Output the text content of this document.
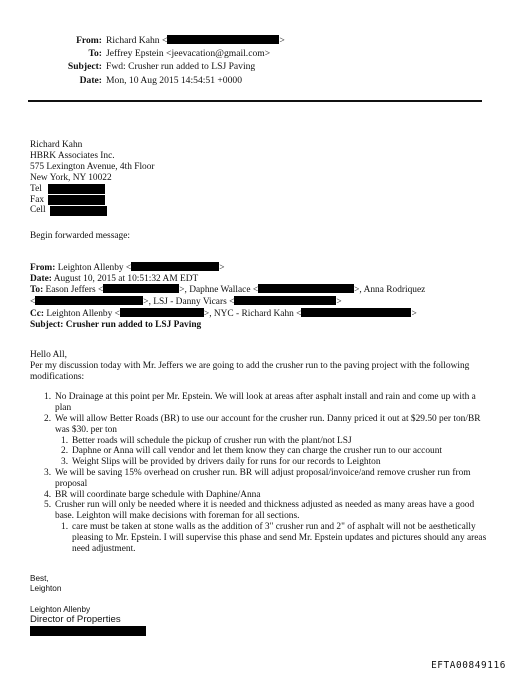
From: Richard Kahn <	>
To: Jeffrey Epstein <jeevacation@gmail.com>
Subject: Fwd: Crusher run added to LSJ Paving
Date: Mon, 10 Aug 2015 14:54:51 +0000
Richard Kahn
HBRK Associates Inc.
575 Lexington Avenue, 4th Floor
New York, NY 10022
Tel
Fax
Cell
Begin forwarded message:
From: Leighton Allenby <	>
Date: August 10, 2015 at 10:51:32 AM EDT
To: Eason Jeffers <	>, Daphne Wallace <	>, Anna Rodriquez
<	>, LSJ - Danny Vicars <	>
Cc: Leighton Allenby <	>, NYC - Richard Kahn <	>
Subject: Crusher run added to LSJ Paving

Hello All,

Per my discussion today with Mr. Jeffers we are going to add the crusher run to the paving project with the following modifications:

1. No Drainage at this point per Mr. Epstein. We will look at areas after asphalt install and rain and come up with a plan
2. We will allow Better Roads (BR) to use our account for the crusher run. Danny priced it out at $29.50 per ton/BR was $30. per ton
1. Better roads will schedule the pickup of crusher run with the plant/not LSJ
2. Daphne or Anna will call vendor and let them know they can charge the crusher run to our account
3. Weight Slips will be provided by drivers daily for runs for our records to Leighton
3. We will be saving 15% overhead on crusher run. BR will adjust proposal/invoice/and remove crusher run from proposal
4. BR will coordinate barge schedule with Daphine/Anna
5. Crusher run will only be needed where it is needed and thickness adjusted as needed as many areas have a good base. Leighton will make decisions with foreman for all sections.
1. care must be taken at stone walls as the addition of 3" crusher run and 2" of asphalt will not be aesthetically pleasing to Mr. Epstein. I will supervise this phase and send Mr. Epstein updates and pictures should any areas need adjustment.
Best,
Leighton
Leighton Allenby
Director of Properties
EFTA00849116
